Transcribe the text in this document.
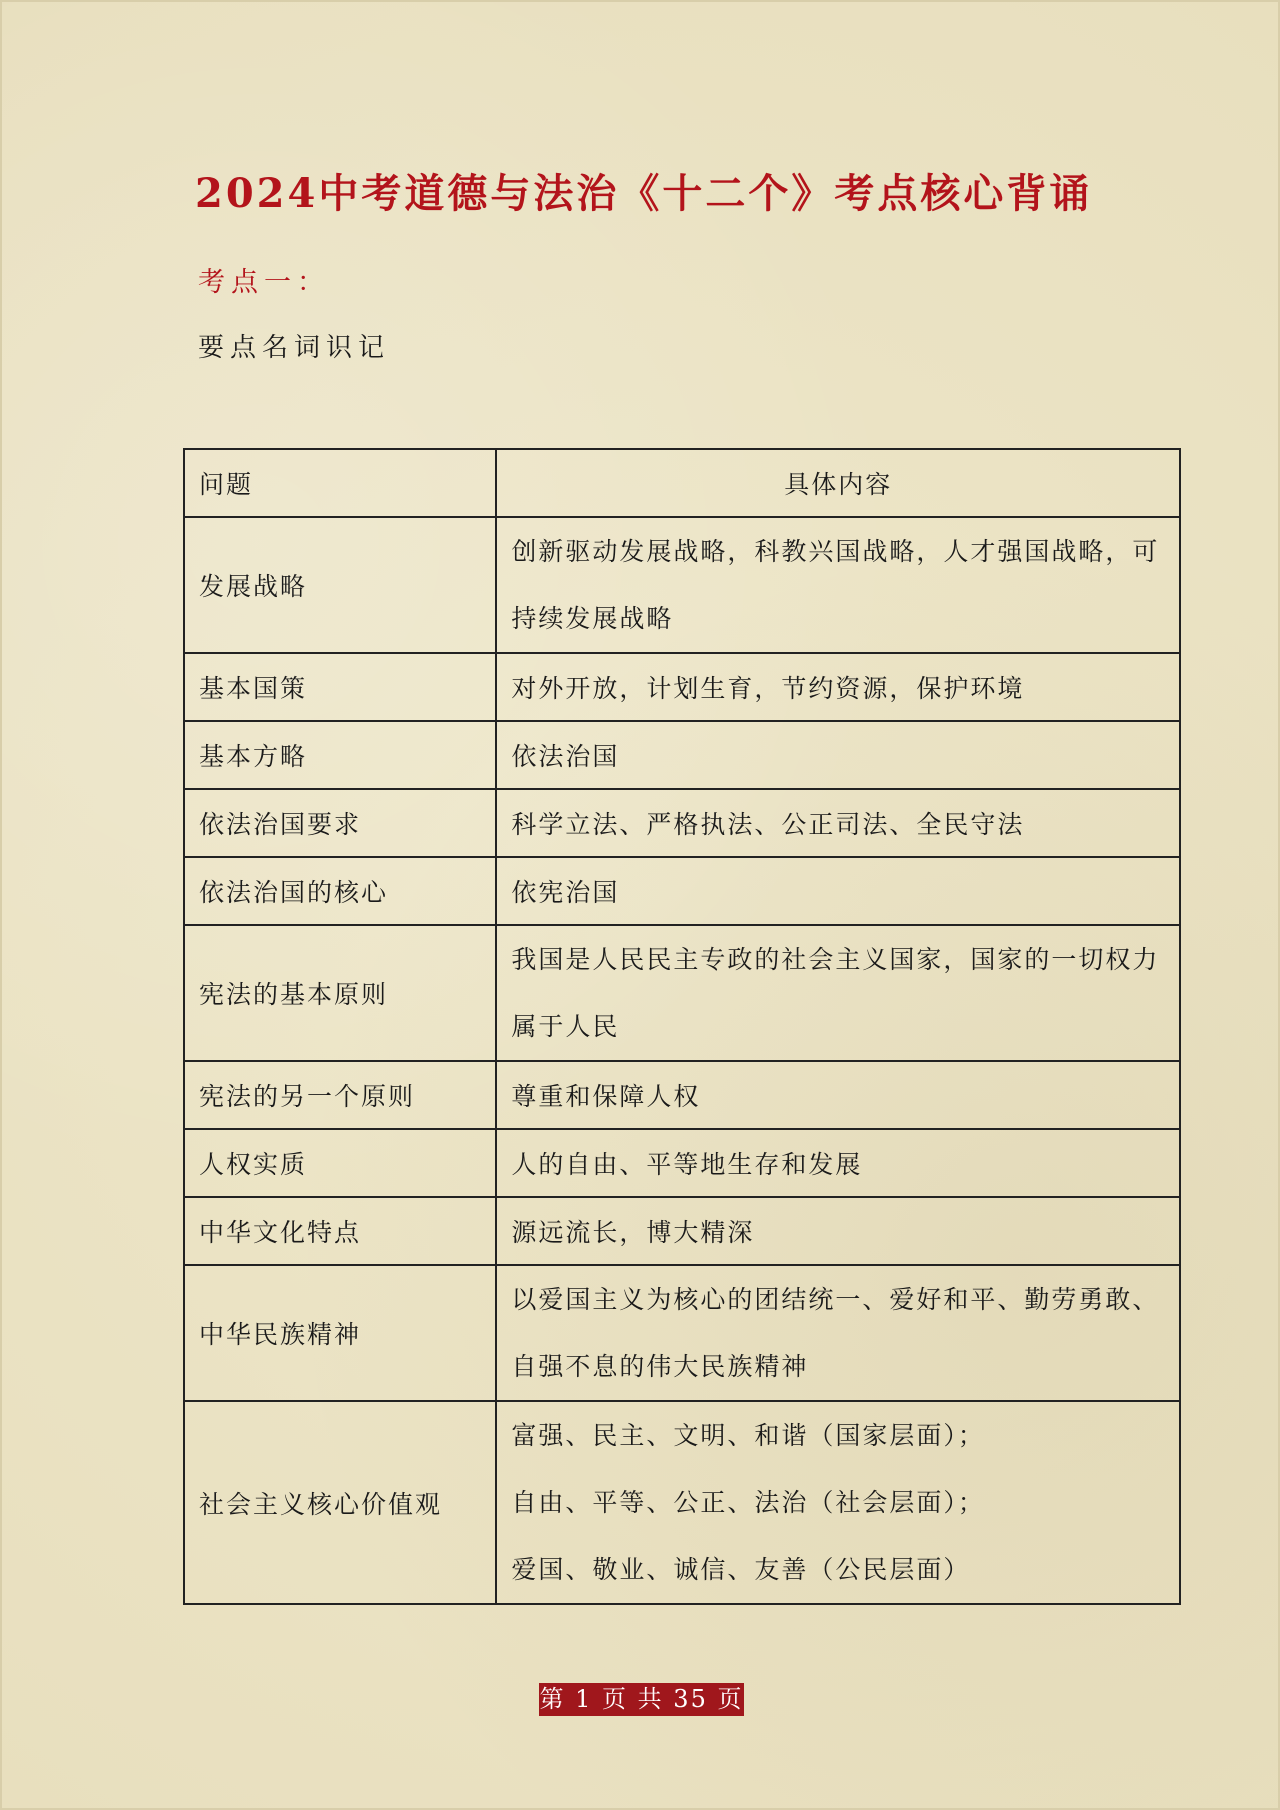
2024中考道德与法治《十二个》考点核心背诵
考点一：
要点名词识记
问题	具体内容
发展战略	创新驱动发展战略，科教兴国战略，人才强国战略，可
持续发展战略

基本国策	对外开放，计划生育，节约资源，保护环境

基本方略	依法治国

依法治国要求	科学立法、严格执法、公正司法、全民守法

依法治国的核心	依宪治国

宪法的基本原则	我国是人民民主专政的社会主义国家，国家的一切权力
属于人民

宪法的另一个原则	尊重和保障人权

人权实质	人的自由、平等地生存和发展

中华文化特点	源远流长，博大精深

中华民族精神	以爱国主义为核心的团结统一、爱好和平、勤劳勇敢、
自强不息的伟大民族精神

社会主义核心价值观	富强、民主、文明、和谐（国家层面）；
自由、平等、公正、法治（社会层面）；
爱国、敬业、诚信、友善（公民层面）
第 1 页 共 35 页
